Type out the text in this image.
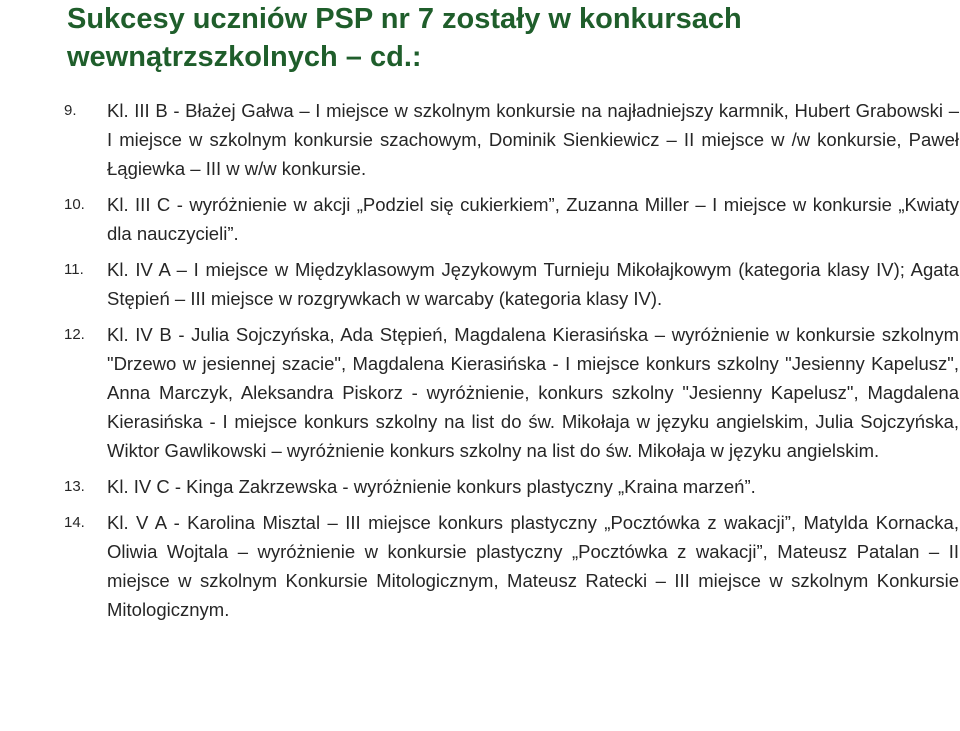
Sukcesy uczniów PSP nr 7 zostały w konkursach wewnątrzszkolnych – cd.:
9.	Kl. III B - Błażej Gałwa – I miejsce w szkolnym konkursie na najładniejszy karmnik, Hubert Grabowski – I miejsce w szkolnym konkursie szachowym, Dominik Sienkiewicz – II miejsce w /w konkursie, Paweł Łągiewka – III w w/w konkursie.
10.	Kl. III C - wyróżnienie w akcji „Podziel się cukierkiem”, Zuzanna Miller – I miejsce w konkursie „Kwiaty dla nauczycieli”.
11.	Kl. IV A – I miejsce w Międzyklasowym Językowym Turnieju Mikołajkowym (kategoria klasy IV); Agata Stępień – III miejsce w rozgrywkach w warcaby (kategoria klasy IV).
12.	Kl. IV B - Julia Sojczyńska, Ada Stępień, Magdalena Kierasińska – wyróżnienie w konkursie szkolnym "Drzewo w jesiennej szacie", Magdalena Kierasińska - I miejsce konkurs szkolny "Jesienny Kapelusz", Anna Marczyk, Aleksandra Piskorz - wyróżnienie, konkurs szkolny "Jesienny Kapelusz", Magdalena Kierasińska - I miejsce konkurs szkolny na list do św. Mikołaja w języku angielskim, Julia Sojczyńska, Wiktor Gawlikowski – wyróżnienie konkurs szkolny na list do św. Mikołaja w języku angielskim.
13.	Kl. IV C - Kinga Zakrzewska - wyróżnienie konkurs plastyczny „Kraina marzeń”.
14.	Kl. V A - Karolina Misztal – III miejsce konkurs plastyczny „Pocztówka z wakacji”, Matylda Kornacka, Oliwia Wojtala – wyróżnienie w konkursie plastyczny „Pocztówka z wakacji”, Mateusz Patalan – II miejsce w szkolnym Konkursie Mitologicznym, Mateusz Ratecki – III miejsce w szkolnym Konkursie Mitologicznym.
